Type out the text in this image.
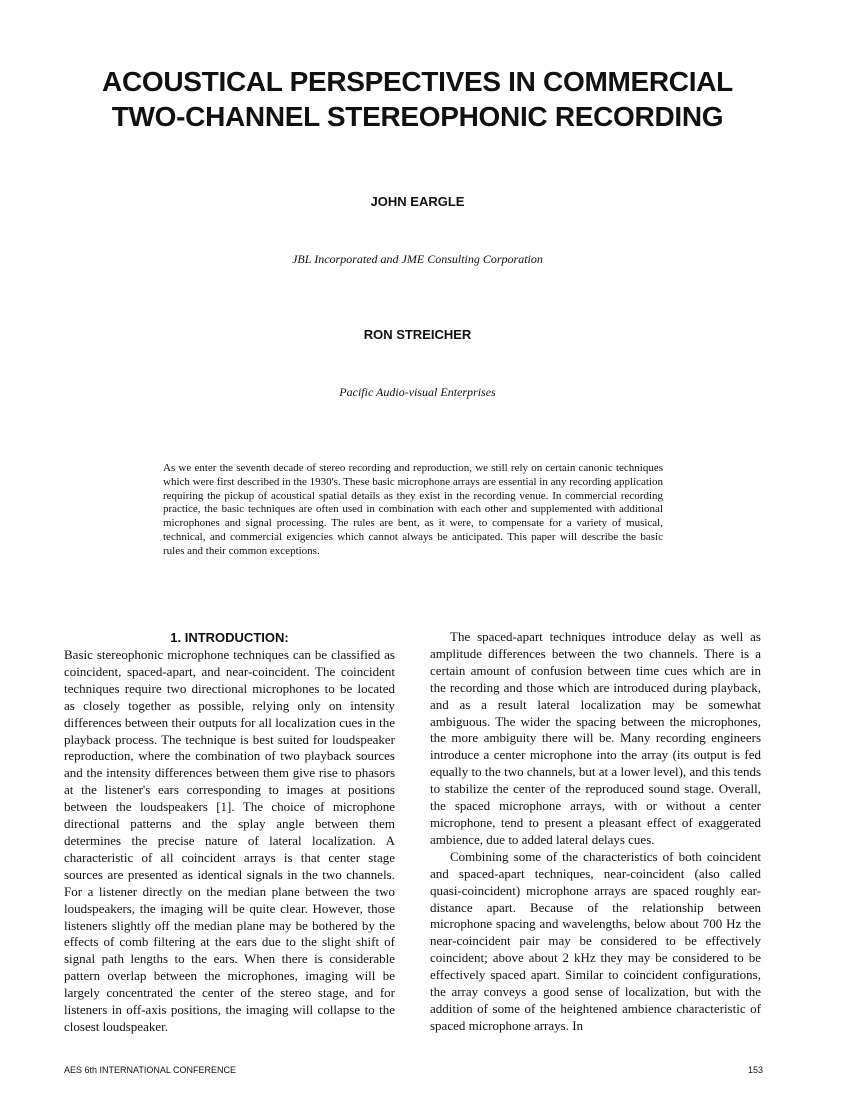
ACOUSTICAL PERSPECTIVES IN COMMERCIAL
TWO-CHANNEL STEREOPHONIC RECORDING
JOHN EARGLE
JBL Incorporated and JME Consulting Corporation
RON STREICHER
Pacific Audio-visual Enterprises
As we enter the seventh decade of stereo recording and reproduction, we still rely on certain canonic techniques which were first described in the 1930's. These basic microphone arrays are essential in any recording application requiring the pickup of acoustical spatial details as they exist in the recording venue. In commercial recording practice, the basic techniques are often used in combination with each other and supplemented with additional microphones and signal processing. The rules are bent, as it were, to compensate for a variety of musical, technical, and commercial exigencies which cannot always be anticipated. This paper will describe the basic rules and their common exceptions.
1. INTRODUCTION:

Basic stereophonic microphone techniques can be classified as coincident, spaced-apart, and near-coincident. The coincident techniques require two directional microphones to be located as closely together as possible, relying only on intensity differences between their outputs for all localization cues in the playback process. The technique is best suited for loudspeaker reproduction, where the combination of two playback sources and the intensity differences between them give rise to phasors at the listener's ears corresponding to images at positions between the loudspeakers [1]. The choice of microphone directional patterns and the splay angle between them determines the precise nature of lateral localization. A characteristic of all coincident arrays is that center stage sources are presented as identical signals in the two channels. For a listener directly on the median plane between the two loudspeakers, the imaging will be quite clear. However, those listeners slightly off the median plane may be bothered by the effects of comb filtering at the ears due to the slight shift of signal path lengths to the ears. When there is considerable pattern overlap between the microphones, imaging will be largely concentrated the center of the stereo stage, and for listeners in off-axis positions, the imaging will collapse to the closest loudspeaker.

The spaced-apart techniques introduce delay as well as amplitude differences between the two channels. There is a certain amount of confusion between time cues which are in the recording and those which are introduced during playback, and as a result lateral localization may be somewhat ambiguous. The wider the spacing between the microphones, the more ambiguity there will be. Many recording engineers introduce a center microphone into the array (its output is fed equally to the two channels, but at a lower level), and this tends to stabilize the center of the reproduced sound stage. Overall, the spaced microphone arrays, with or without a center microphone, tend to present a pleasant effect of exaggerated ambience, due to added lateral delays cues.

Combining some of the characteristics of both coincident and spaced-apart techniques, near-coincident (also called quasi-coincident) microphone arrays are spaced roughly ear-distance apart. Because of the relationship between microphone spacing and wavelengths, below about 700 Hz the near-coincident pair may be considered to be effectively coincident; above about 2 kHz they may be considered to be effectively spaced apart. Similar to coincident configurations, the array conveys a good sense of localization, but with the addition of some of the heightened ambience characteristic of spaced microphone arrays. In

AES 6th INTERNATIONAL CONFERENCE	153
